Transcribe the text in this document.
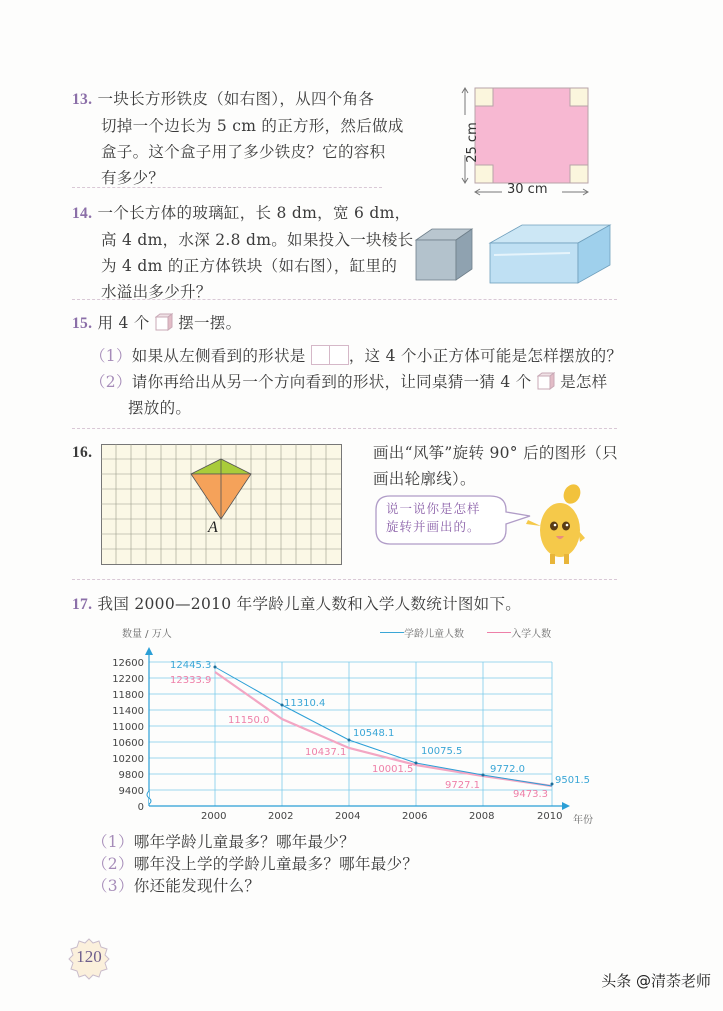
13. 一块长方形铁皮（如右图），从四个角各
切掉一个边长为 5 cm 的正方形，然后做成
盒子。这个盒子用了多少铁皮？它的容积
有多少？
25 cm
30 cm
14. 一个长方体的玻璃缸，长 8 dm，宽 6 dm，
高 4 dm，水深 2.8 dm。如果投入一块棱长
为 4 dm 的正方体铁块（如右图），缸里的
水溢出多少升？
15. 用 4 个 摆一摆。
（1）如果从左侧看到的形状是	，这 4 个小正方体可能是怎样摆放的？
（2）请你再给出从另一个方向看到的形状，让同桌猜一猜 4 个 是怎样
摆放的。
16.
A
画出“风筝”旋转 90° 后的图形（只
画出轮廓线）。
说一说你是怎样
旋转并画出的。
17. 我国 2000—2010 年学龄儿童人数和入学人数统计图如下。
数量 / 万人	学龄儿童人数	入学人数
12600
12200
11800
11400
11000
10600
10200
9800
9400
0
2000	2002	2004	2006	2008	2010 年份
12445.3
11310.4
10548.1
10075.5
9772.0
9501.5
12333.9
11150.0
10437.1
10001.5
9727.1
9473.3
（1）哪年学龄儿童最多？哪年最少？
（2）哪年没上学的学龄儿童最多？哪年最少？
（3）你还能发现什么？
120
头条 @清荼老师
